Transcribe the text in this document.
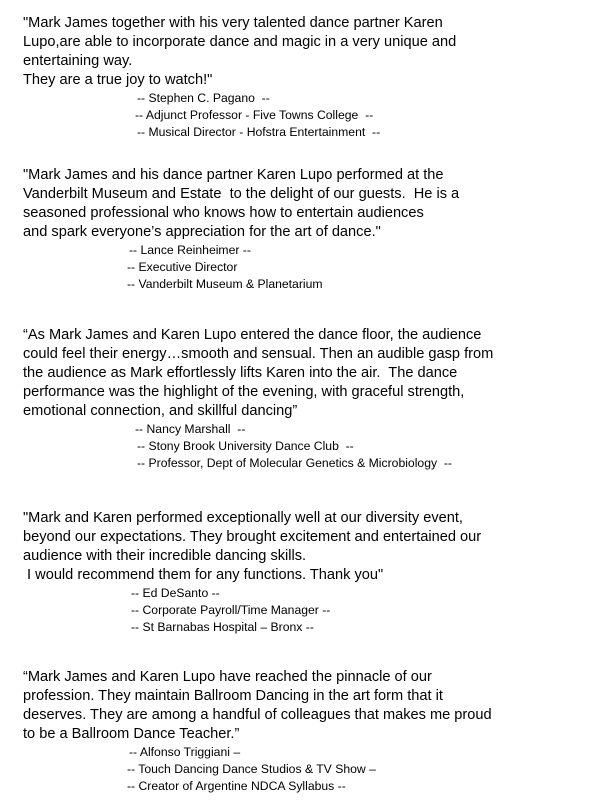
"Mark James together with his very talented dance partner Karen
Lupo,are able to incorporate dance and magic in a very unique and
entertaining way.
They are a true joy to watch!"
-- Stephen C. Pagano  --
-- Adjunct Professor - Five Towns College  --
-- Musical Director - Hofstra Entertainment  --
"Mark James and his dance partner Karen Lupo performed at the
Vanderbilt Museum and Estate  to the delight of our guests.  He is a
seasoned professional who knows how to entertain audiences
and spark everyone’s appreciation for the art of dance."
-- Lance Reinheimer --
-- Executive Director
-- Vanderbilt Museum & Planetarium
“As Mark James and Karen Lupo entered the dance floor, the audience
could feel their energy…smooth and sensual. Then an audible gasp from
the audience as Mark effortlessly lifts Karen into the air.  The dance
performance was the highlight of the evening, with graceful strength,
emotional connection, and skillful dancing”
-- Nancy Marshall  --
-- Stony Brook University Dance Club  --
-- Professor, Dept of Molecular Genetics & Microbiology  --
"Mark and Karen performed exceptionally well at our diversity event,
beyond our expectations. They brought excitement and entertained our
audience with their incredible dancing skills.
I would recommend them for any functions. Thank you"
-- Ed DeSanto --
-- Corporate Payroll/Time Manager --
-- St Barnabas Hospital – Bronx --
“Mark James and Karen Lupo have reached the pinnacle of our
profession. They maintain Ballroom Dancing in the art form that it
deserves. They are among a handful of colleagues that makes me proud
to be a Ballroom Dance Teacher.”
-- Alfonso Triggiani –
-- Touch Dancing Dance Studios & TV Show –
-- Creator of Argentine NDCA Syllabus --
